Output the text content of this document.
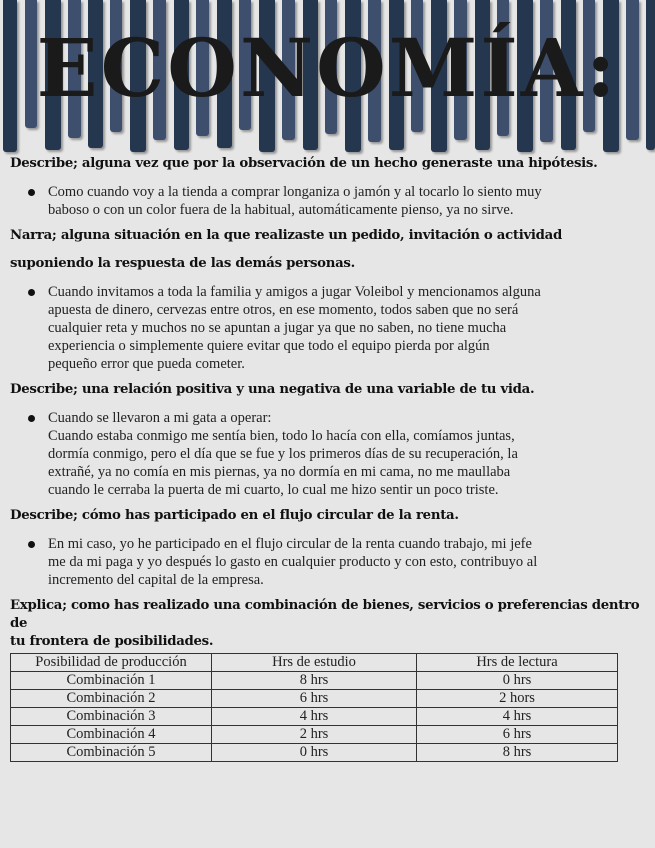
ECONOMÍA:

Describe; alguna vez que por la observación de un hecho generaste una hipótesis.

Como cuando voy a la tienda a comprar longaniza o jamón y al tocarlo lo siento muy
baboso o con un color fuera de la habitual, automáticamente pienso, ya no sirve.

Narra; alguna situación en la que realizaste un pedido, invitación o actividad

suponiendo la respuesta de las demás personas.

Cuando invitamos a toda la familia y amigos a jugar Voleibol y mencionamos alguna
apuesta de dinero, cervezas entre otros, en ese momento, todos saben que no será
cualquier reta y muchos no se apuntan a jugar ya que no saben, no tiene mucha
experiencia o simplemente quiere evitar que todo el equipo pierda por algún
pequeño error que pueda cometer.

Describe; una relación positiva y una negativa de una variable de tu vida.

Cuando se llevaron a mi gata a operar:
Cuando estaba conmigo me sentía bien, todo lo hacía con ella, comíamos juntas,
dormía conmigo, pero el día que se fue y los primeros días de su recuperación, la
extrañé, ya no comía en mis piernas, ya no dormía en mi cama, no me maullaba
cuando le cerraba la puerta de mi cuarto, lo cual me hizo sentir un poco triste.

Describe; cómo has participado en el flujo circular de la renta.

En mi caso, yo he participado en el flujo circular de la renta cuando trabajo, mi jefe
me da mi paga y yo después lo gasto en cualquier producto y con esto, contribuyo al
incremento del capital de la empresa.

Explica; como has realizado una combinación de bienes, servicios o preferencias dentro de
tu frontera de posibilidades.

Posibilidad de producción	Hrs de estudio	Hrs de lectura
Combinación 1	8 hrs	0 hrs
Combinación 2	6 hrs	2 hors
Combinación 3	4 hrs	4 hrs
Combinación 4	2 hrs	6 hrs
Combinación 5	0 hrs	8 hrs
